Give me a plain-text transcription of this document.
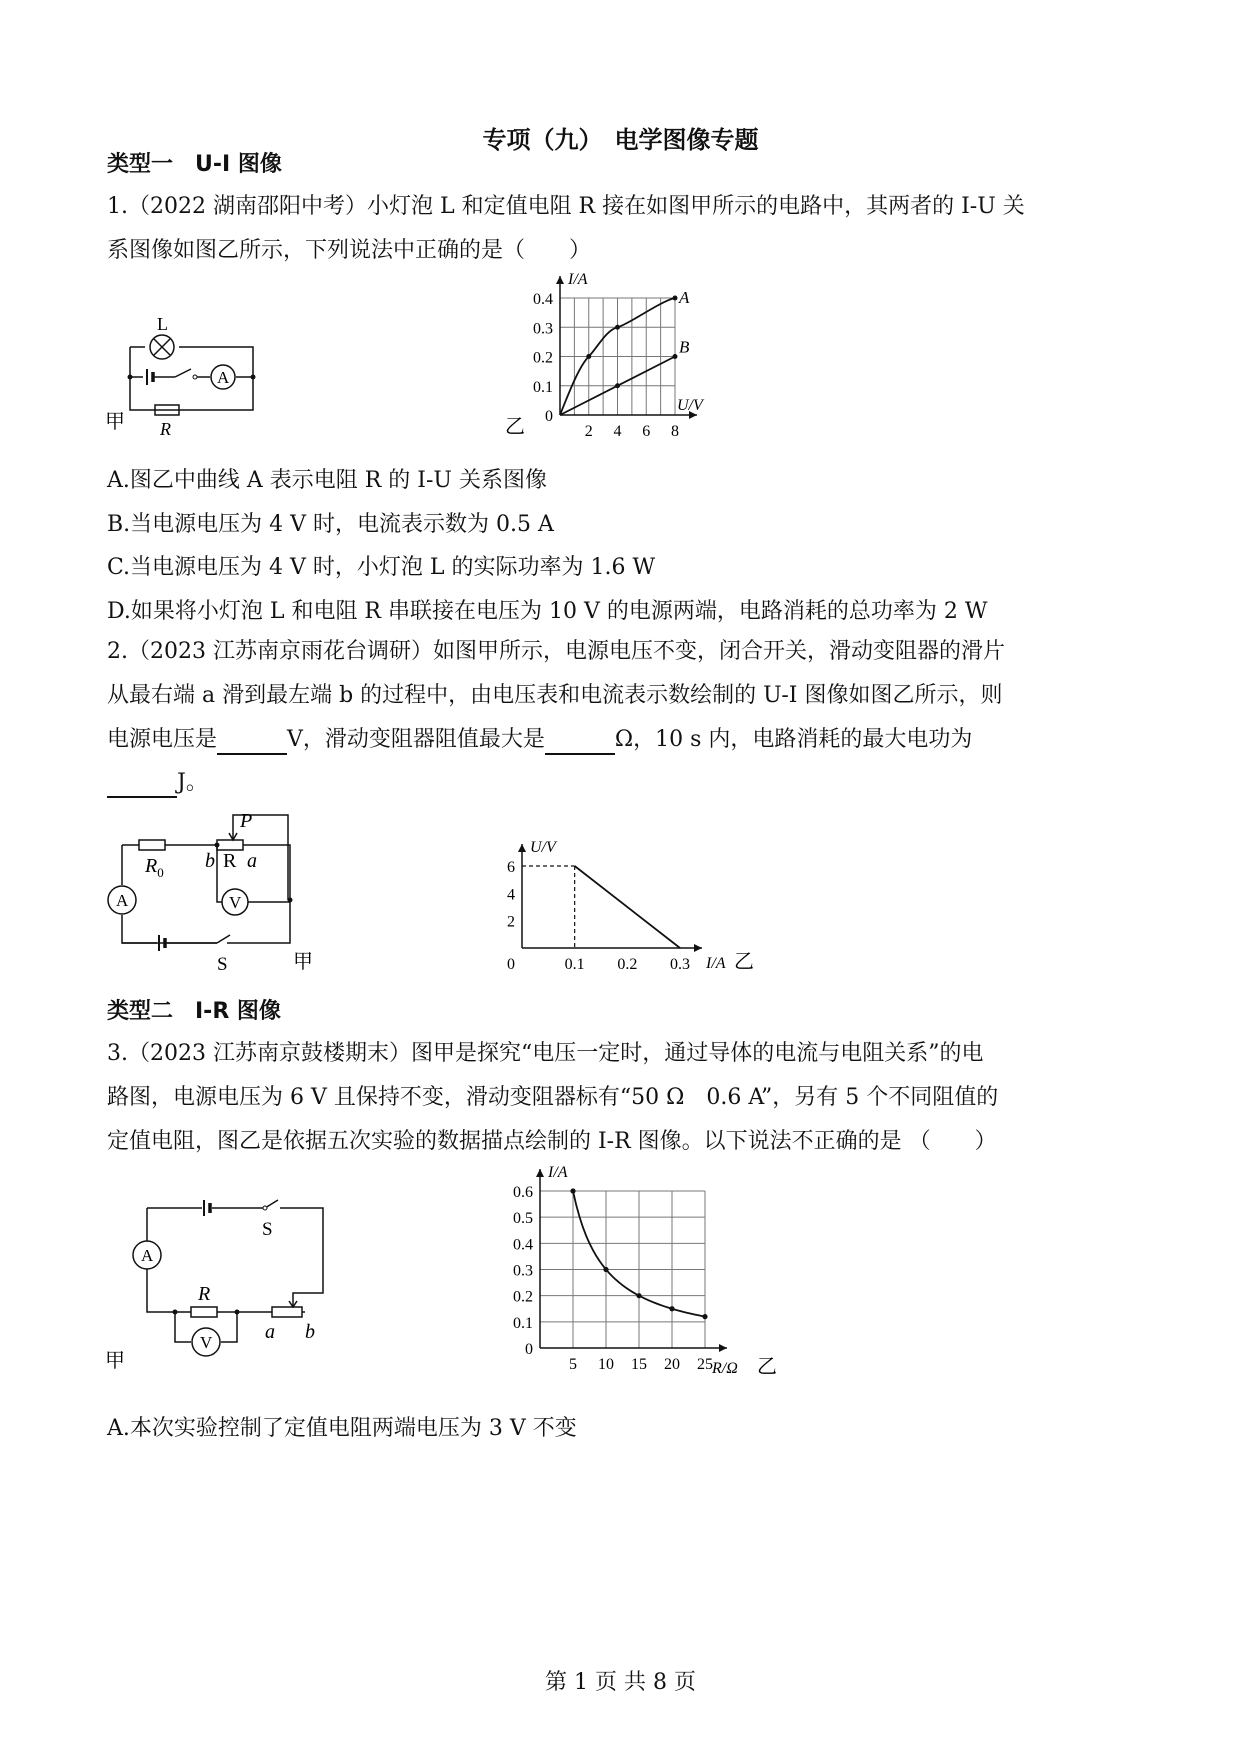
专项（九）　电学图像专题
类型一　U-I 图像
1.（2022 湖南邵阳中考）小灯泡 L 和定值电阻 R 接在如图甲所示的电路中，其两者的 I-U 关
系图像如图乙所示，下列说法中正确的是（　　）
L
A
R
甲	2 4 6 8
0.1
0.2
0.3
0.4
0
I/A
U/V
乙
A
B
A.图乙中曲线 A 表示电阻 R 的 I-U 关系图像
B.当电源电压为 4 V 时，电流表示数为 0.5 A
C.当电源电压为 4 V 时，小灯泡 L 的实际功率为 1.6 W
D.如果将小灯泡 L 和电阻 R 串联接在电压为 10 V 的电源两端，电路消耗的总功率为 2 W
2.（2023 江苏南京雨花台调研）如图甲所示，电源电压不变，闭合开关，滑动变阻器的滑片
从最右端 a 滑到最左端 b 的过程中，由电压表和电流表示数绘制的 U-I 图像如图乙所示，则
电源电压是	V，滑动变阻器阻值最大是	Ω，10 s 内，电路消耗的最大电功为
J。
$R_0$
b R a
P
A	V
S	甲	0.1 0.2 0.3
2
4
6
0
U/V
I/A 乙
类型二　I-R 图像
3.（2023 江苏南京鼓楼期末）图甲是探究“电压一定时，通过导体的电流与电阻关系”的电
路图，电源电压为 6 V 且保持不变，滑动变阻器标有“50 Ω　0.6 A”，另有 5 个不同阻值的
定值电阻，图乙是依据五次实验的数据描点绘制的 I-R 图像。以下说法不正确的是 （　　）
A
S
R
V	a b
甲	5 10 15 20 25
0.1
0.2
0.3
0.4
0.5
0.6
0
I/A
R/Ω 乙
A.本次实验控制了定值电阻两端电压为 3 V 不变
第 1 页 共 8 页
